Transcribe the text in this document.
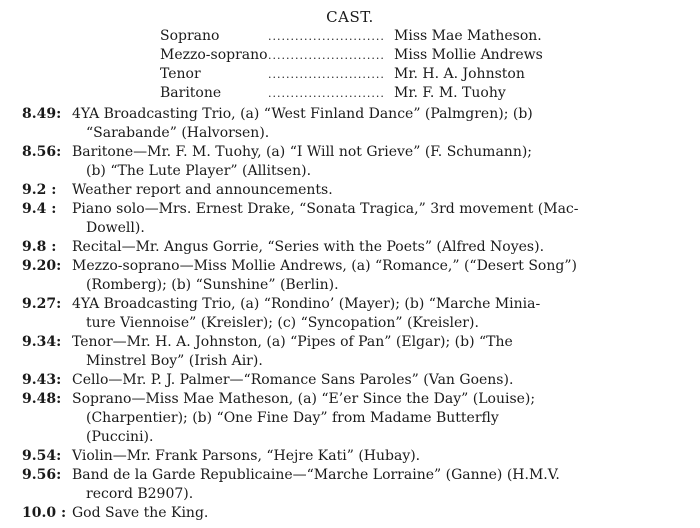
CAST.
Soprano	.......................... Miss Mae Matheson.
Mezzo-soprano .......................... Miss Mollie Andrews
Tenor	.......................... Mr. H. A. Johnston
Baritone	.......................... Mr. F. M. Tuohy
8.49: 4YA Broadcasting Trio, (a) “West Finland Dance” (Palmgren); (b)
“Sarabande” (Halvorsen).
8.56: Baritone—Mr. F. M. Tuohy, (a) “I Will not Grieve” (F. Schumann);
(b) “The Lute Player” (Allitsen).
9.2 :	Weather report and announcements.
9.4 :	Piano solo—Mrs. Ernest Drake, “Sonata Tragica,” 3rd movement (Mac-
Dowell).
9.8 :	Recital—Mr. Angus Gorrie, “Series with the Poets” (Alfred Noyes).
9.20: Mezzo-soprano—Miss Mollie Andrews, (a) “Romance,” (“Desert Song”)
(Romberg); (b) “Sunshine” (Berlin).
9.27: 4YA Broadcasting Trio, (a) “Rondino’ (Mayer); (b) “Marche Minia-
ture Viennoise” (Kreisler); (c) “Syncopation” (Kreisler).
9.34: Tenor—Mr. H. A. Johnston, (a) “Pipes of Pan” (Elgar); (b) “The
Minstrel Boy” (Irish Air).
9.43: Cello—Mr. P. J. Palmer—“Romance Sans Paroles” (Van Goens).
9.48: Soprano—Miss Mae Matheson, (a) “E’er Since the Day” (Louise);
(Charpentier); (b) “One Fine Day” from Madame Butterfly
(Puccini).
9.54: Violin—Mr. Frank Parsons, “Hejre Kati” (Hubay).
9.56: Band de la Garde Republicaine—“Marche Lorraine” (Ganne) (H.M.V.
record B2907).
10.0 : God Save the King.
